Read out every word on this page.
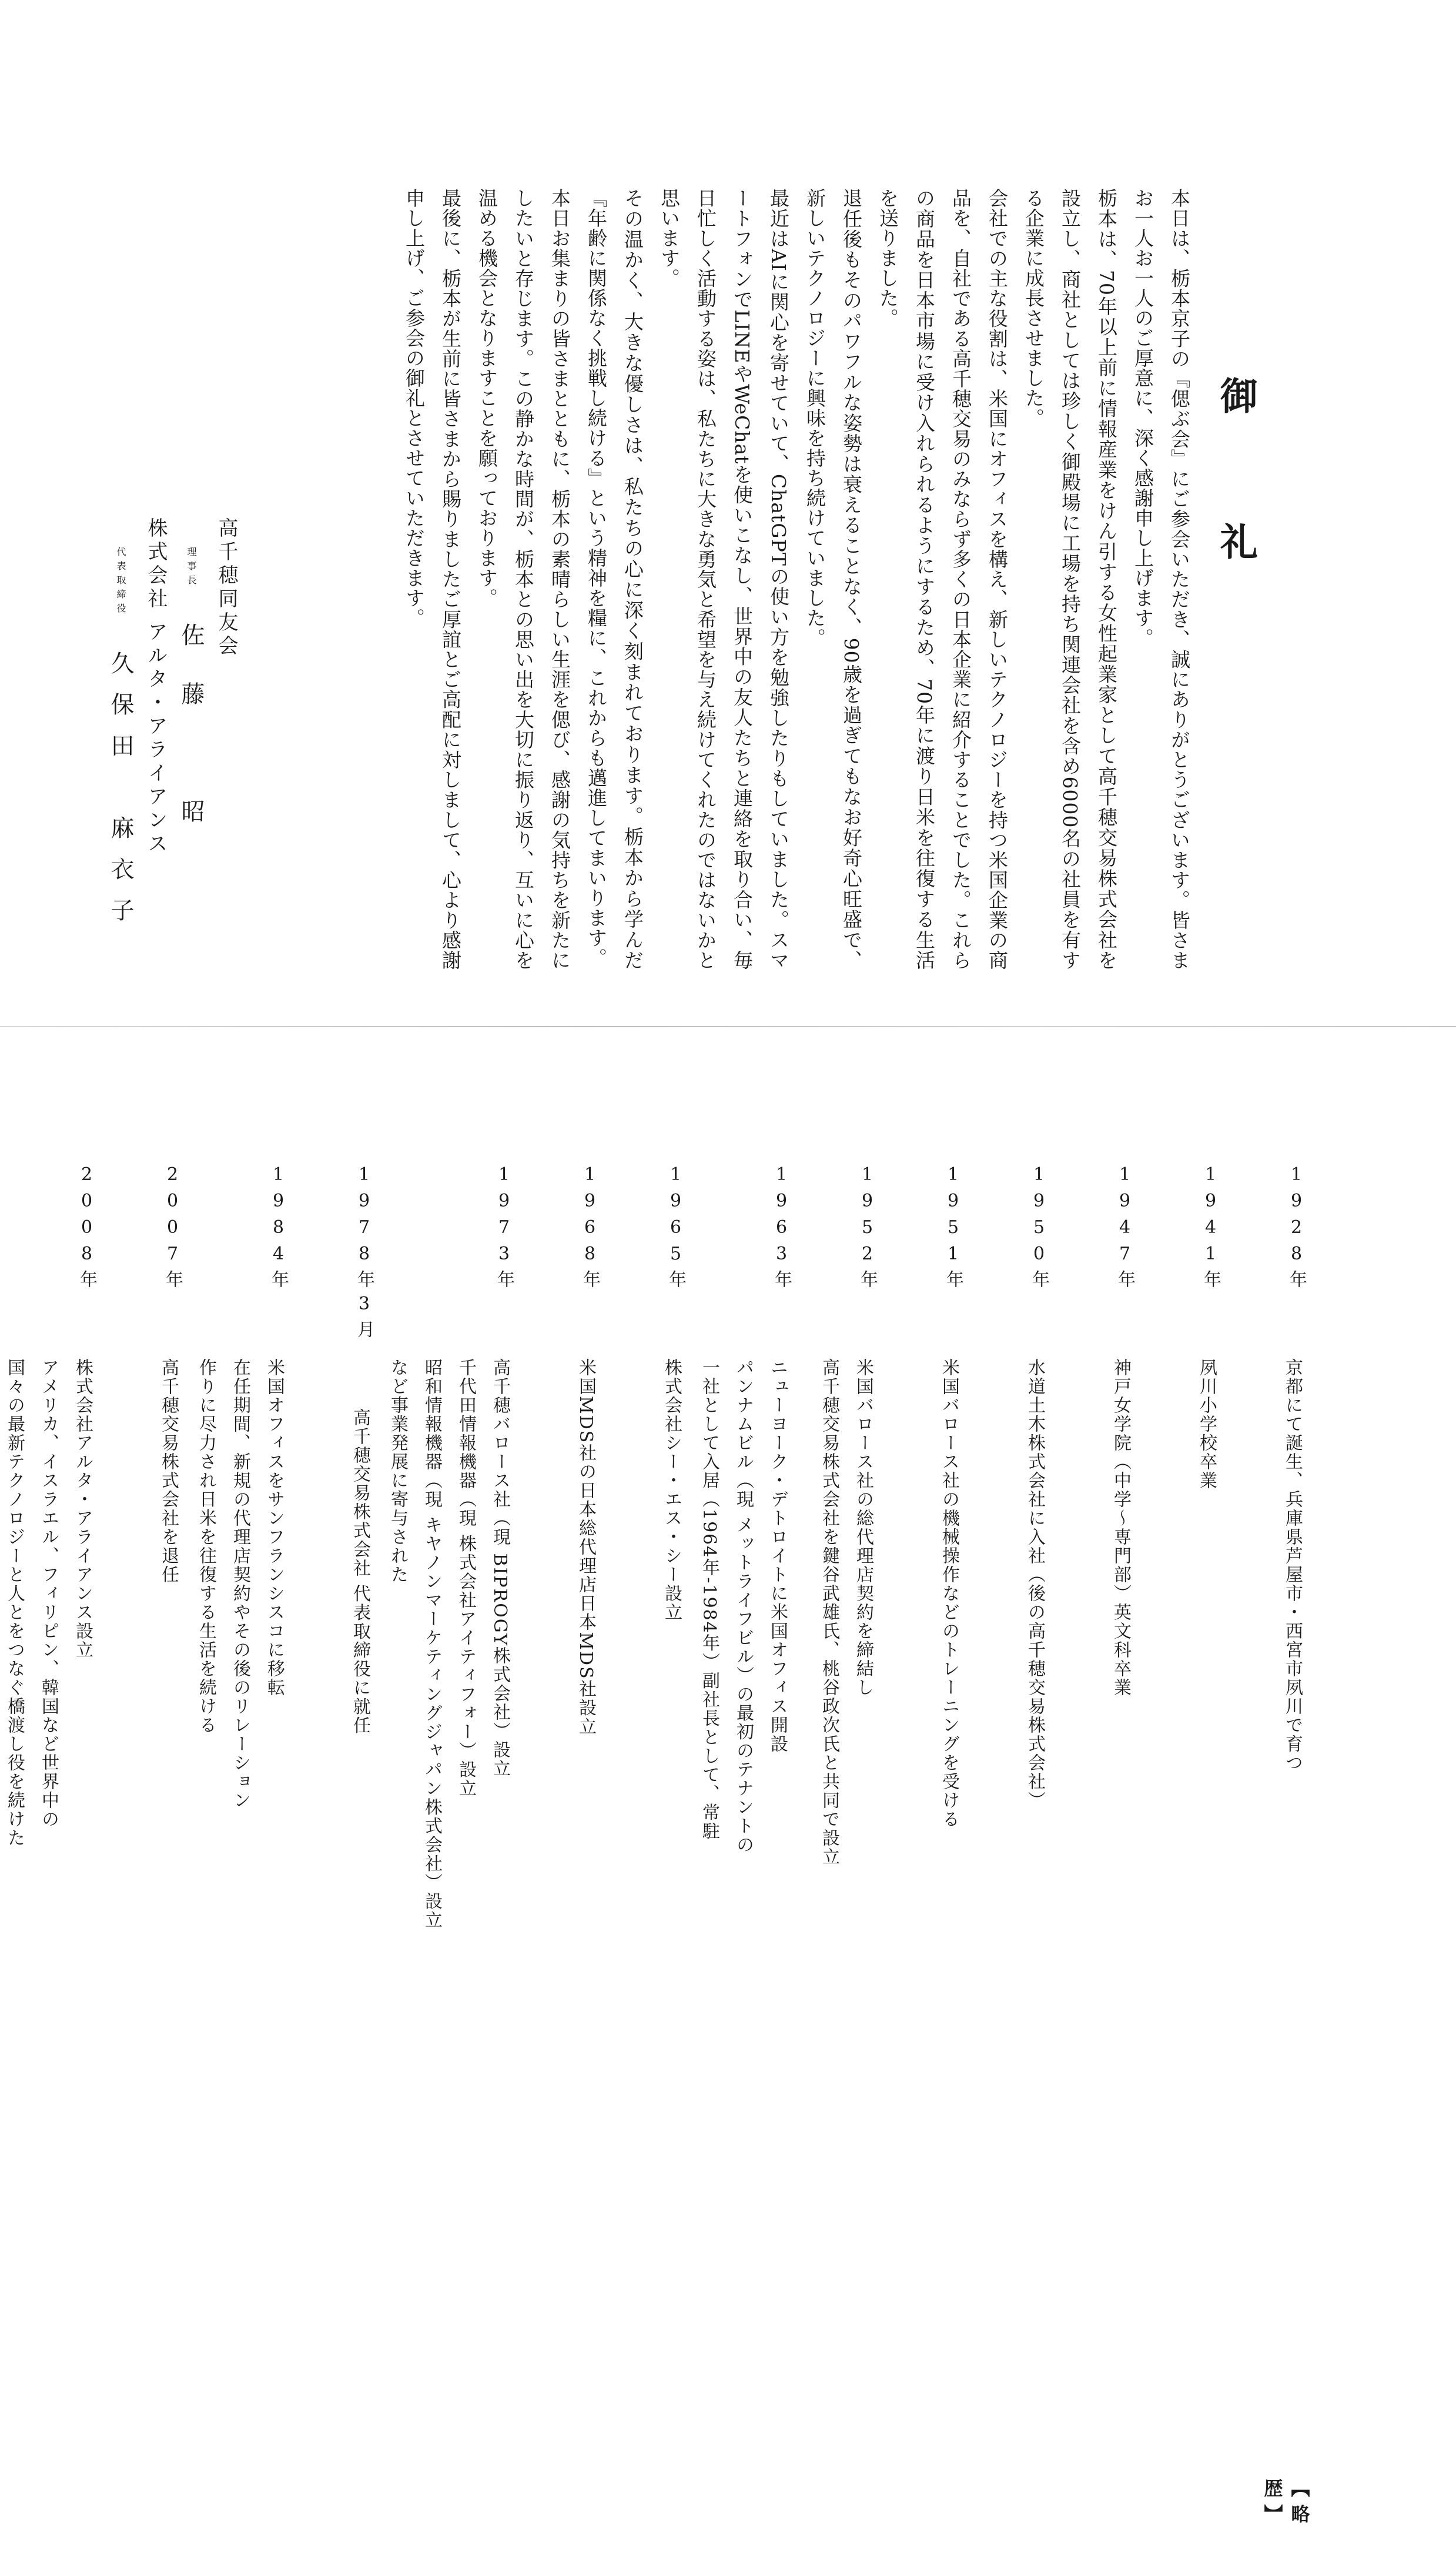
御　礼

本日は、栃本京子の『偲ぶ会』にご参会いただき、誠にありがとうございます。皆さまお一人お一人のご厚意に、深く感謝申し上げます。

栃本は、70年以上前に情報産業をけん引する女性起業家として高千穂交易株式会社を設立し、商社としては珍しく御殿場に工場を持ち関連会社を含め6000名の社員を有する企業に成長させました。

会社での主な役割は、米国にオフィスを構え、新しいテクノロジーを持つ米国企業の商品を、自社である高千穂交易のみならず多くの日本企業に紹介することでした。これらの商品を日本市場に受け入れられるようにするため、70年に渡り日米を往復する生活を送りました。

退任後もそのパワフルな姿勢は衰えることなく、90歳を過ぎてもなお好奇心旺盛で、新しいテクノロジーに興味を持ち続けていました。

最近はAIに関心を寄せていて、ChatGPTの使い方を勉強したりもしていました。スマートフォンでLINEやWeChatを使いこなし、世界中の友人たちと連絡を取り合い、毎日忙しく活動する姿は、私たちに大きな勇気と希望を与え続けてくれたのではないかと思います。

その温かく、大きな優しさは、私たちの心に深く刻まれております。栃本から学んだ『年齢に関係なく挑戦し続ける』という精神を糧に、これからも邁進してまいります。

本日お集まりの皆さまとともに、栃本の素晴らしい生涯を偲び、感謝の気持ちを新たにしたいと存じます。この静かな時間が、栃本との思い出を大切に振り返り、互いに心を温める機会となりますことを願っております。

最後に、栃本が生前に皆さまから賜りましたご厚誼とご高配に対しまして、心より感謝申し上げ、ご参会の御礼とさせていただきます。

高千穂同友会
理事長 佐藤　昭
株式会社 アルタ・アライアンス
代表取締役 久保田　麻衣子
【略　歴】
1928年
京都にて誕生、兵庫県芦屋市・西宮市夙川で育つ
1941年
夙川小学校卒業
1947年
神戸女学院（中学～専門部）英文科卒業
1950年
水道土木株式会社に入社（後の高千穂交易株式会社）
1951年
米国バロース社の機械操作などのトレーニングを受ける
1952年
米国バロース社の総代理店契約を締結し
高千穂交易株式会社を鍵谷武雄氏、桃谷政次氏と共同で設立
1963年
ニューヨーク・デトロイトに米国オフィス開設
パンナムビル（現 メットライフビル）の最初のテナントの
一社として入居（1964年-1984年）副社長として、常駐
1965年
株式会社シー・エス・シー設立
1968年
米国MDS社の日本総代理店日本MDS社設立
1973年
高千穂バロース社（現 BIPROGY株式会社）設立
千代田情報機器（現 株式会社アイティフォー）設立
昭和情報機器（現 キヤノンマーケティングジャパン株式会社）設立
など事業発展に寄与された
1978年3月
高千穂交易株式会社 代表取締役に就任
1984年
米国オフィスをサンフランシスコに移転
在任期間、新規の代理店契約やその後のリレーション
作りに尽力され日米を往復する生活を続ける
2007年
高千穂交易株式会社を退任
2008年
株式会社アルタ・アライアンス設立
アメリカ、イスラエル、フィリピン、韓国など世界中の
国々の最新テクノロジーと人とをつなぐ橋渡し役を続けた
